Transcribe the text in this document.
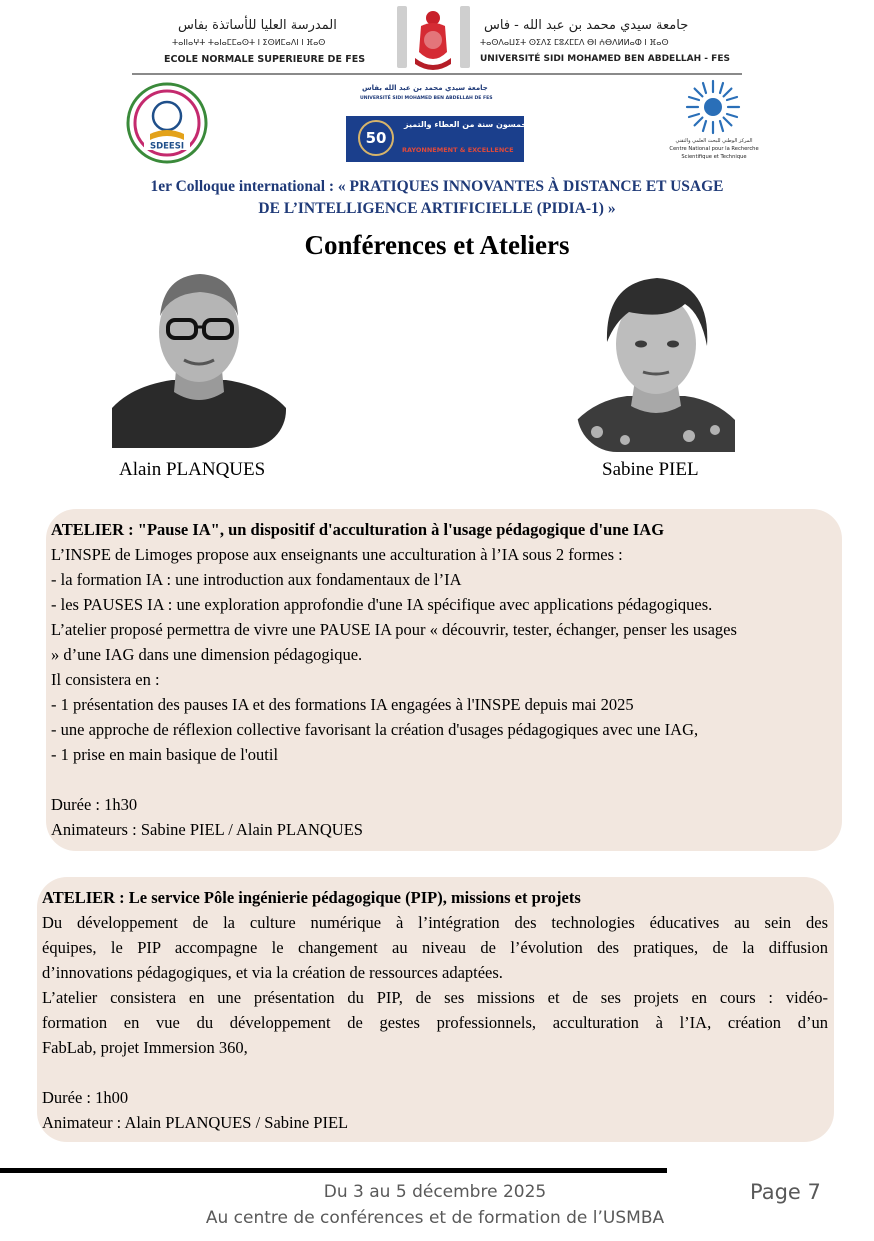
المدرسة العليا للأساتذة بفاس
ⵜⴰⵏⵏⴰⵖⵜ ⵜⴰⵏⴰⵎⵎⴰⵙⵜ ⵏ ⵉⵙⵍⵎⴰⴷⵏ ⵏ ⴼⴰⵙ
ECOLE NORMALE SUPERIEURE DE FES
جامعة سيدي محمد بن عبد الله - فاس
ⵜⴰⵙⴷⴰⵡⵉⵜ ⵙⵉⴷⵉ ⵎⵓⵃⵎⵎⴷ ⴱⵏ ⵄⴱⴷⵍⵍⴰⵀ ⵏ ⴼⴰⵙ
UNIVERSITÉ SIDI MOHAMED BEN ABDELLAH - FES
SDEESI
جامعة سيدي محمد بن عبد الله بفاس
UNIVERSITÉ SIDI MOHAMED BEN ABDELLAH DE FES
50
خمسون سنة من العطاء والتميز
RAYONNEMENT & EXCELLENCE
المركز الوطني للبحث العلمي والتقني
Centre National pour la Recherche
Scientifique et Technique
1er Colloque international : « PRATIQUES INNOVANTES À DISTANCE ET USAGE
DE L’INTELLIGENCE ARTIFICIELLE (PIDIA-1) »
Conférences et Ateliers
Alain PLANQUES	Sabine PIEL
ATELIER : "Pause IA", un dispositif d'acculturation à l'usage pédagogique d'une IAG
L’INSPE de Limoges propose aux enseignants une acculturation à l’IA sous 2 formes :
- la formation IA : une introduction aux fondamentaux de l’IA
- les PAUSES IA : une exploration approfondie d'une IA spécifique avec applications pédagogiques.
L’atelier proposé permettra de vivre une PAUSE IA pour « découvrir, tester, échanger, penser les usages
» d’une IAG dans une dimension pédagogique.
Il consistera en :
- 1 présentation des pauses IA et des formations IA engagées à l'INSPE depuis mai 2025
- une approche de réflexion collective favorisant la création d'usages pédagogiques avec une IAG,
- 1 prise en main basique de l'outil
Durée : 1h30
Animateurs : Sabine PIEL / Alain PLANQUES
ATELIER : Le service Pôle ingénierie pédagogique (PIP), missions et projets
Du développement de la culture numérique à l’intégration des technologies éducatives au sein des
équipes, le PIP accompagne le changement au niveau de l’évolution des pratiques, de la diffusion
d’innovations pédagogiques, et via la création de ressources adaptées.
L’atelier consistera en une présentation du PIP, de ses missions et de ses projets en cours : vidéo-
formation en vue du développement de gestes professionnels, acculturation à l’IA, création d’un
FabLab, projet Immersion 360,
Durée : 1h00
Animateur : Alain PLANQUES / Sabine PIEL
Du 3 au 5 décembre 2025
Au centre de conférences et de formation de l’USMBA
Page 7
